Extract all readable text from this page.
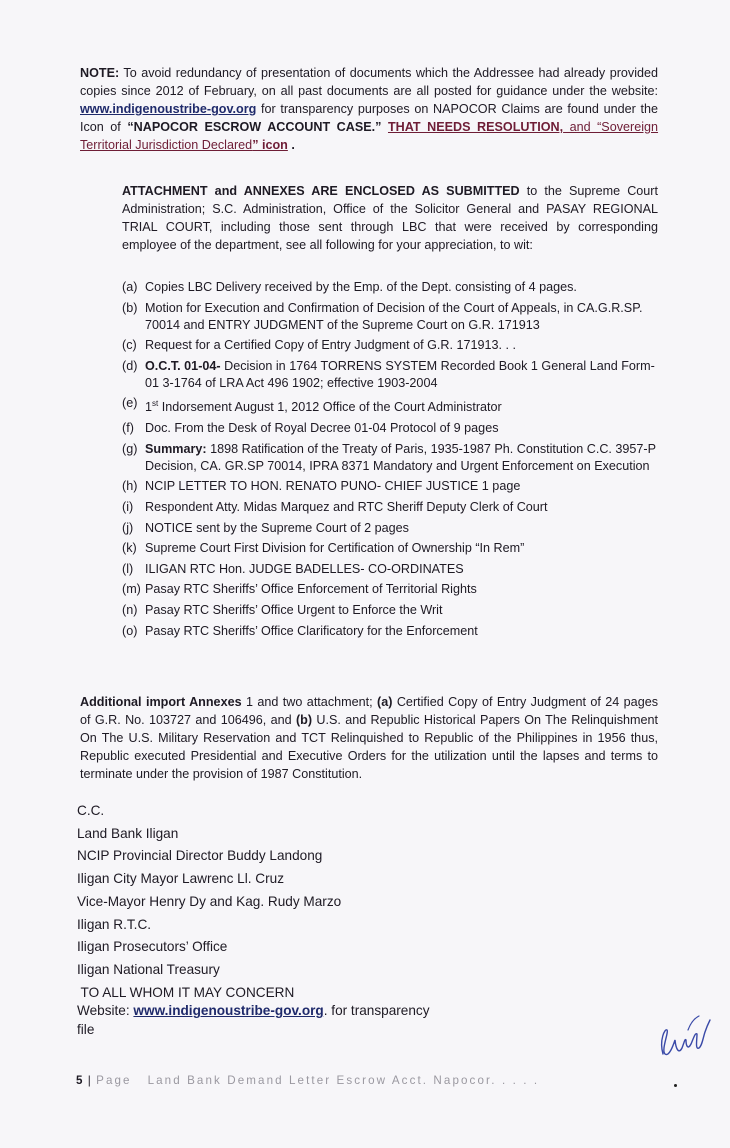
NOTE: To avoid redundancy of presentation of documents which the Addressee had already provided copies since 2012 of February, on all past documents are all posted for guidance under the website: www.indigenoustribe-gov.org for transparency purposes on NAPOCOR Claims are found under the Icon of “NAPOCOR ESCROW ACCOUNT CASE.” THAT NEEDS RESOLUTION, and “Sovereign Territorial Jurisdiction Declared” icon .
ATTACHMENT and ANNEXES ARE ENCLOSED AS SUBMITTED to the Supreme Court Administration; S.C. Administration, Office of the Solicitor General and PASAY REGIONAL TRIAL COURT, including those sent through LBC that were received by corresponding employee of the department, see all following for your appreciation, to wit:
(a) Copies LBC Delivery received by the Emp. of the Dept. consisting of 4 pages.
(b) Motion for Execution and Confirmation of Decision of the Court of Appeals, in CA.G.R.SP. 70014 and ENTRY JUDGMENT of the Supreme Court on G.R. 171913
(c) Request for a Certified Copy of Entry Judgment of G.R. 171913. . .
(d) O.C.T. 01-04- Decision in 1764 TORRENS SYSTEM Recorded Book 1 General Land Form-01 3-1764 of LRA Act 496 1902; effective 1903-2004
(e) 1st Indorsement August 1, 2012 Office of the Court Administrator
(f) Doc. From the Desk of Royal Decree 01-04 Protocol of 9 pages
(g) Summary: 1898 Ratification of the Treaty of Paris, 1935-1987 Ph. Constitution C.C. 3957-P Decision, CA. GR.SP 70014, IPRA 8371 Mandatory and Urgent Enforcement on Execution
(h) NCIP LETTER TO HON. RENATO PUNO- CHIEF JUSTICE 1 page
(i) Respondent Atty. Midas Marquez and RTC Sheriff Deputy Clerk of Court
(j) NOTICE sent by the Supreme Court of 2 pages
(k) Supreme Court First Division for Certification of Ownership “In Rem”
(l) ILIGAN RTC Hon. JUDGE BADELLES- CO-ORDINATES
(m) Pasay RTC Sheriffs’ Office Enforcement of Territorial Rights
(n) Pasay RTC Sheriffs’ Office Urgent to Enforce the Writ
(o) Pasay RTC Sheriffs’ Office Clarificatory for the Enforcement
Additional import Annexes 1 and two attachment; (a) Certified Copy of Entry Judgment of 24 pages of G.R. No. 103727 and 106496, and (b) U.S. and Republic Historical Papers On The Relinquishment On The U.S. Military Reservation and TCT Relinquished to Republic of the Philippines in 1956 thus, Republic executed Presidential and Executive Orders for the utilization until the lapses and terms to terminate under the provision of 1987 Constitution.
C.C.
Land Bank Iligan
NCIP Provincial Director Buddy Landong
Iligan City Mayor Lawrenc Ll. Cruz
Vice-Mayor Henry Dy and Kag. Rudy Marzo
Iligan R.T.C.
Iligan Prosecutors’ Office
Iligan National Treasury
TO ALL WHOM IT MAY CONCERN
Website: www.indigenoustribe-gov.org. for transparency
file
5 | Page Land Bank Demand Letter Escrow Acct. Napocor. . . . .
